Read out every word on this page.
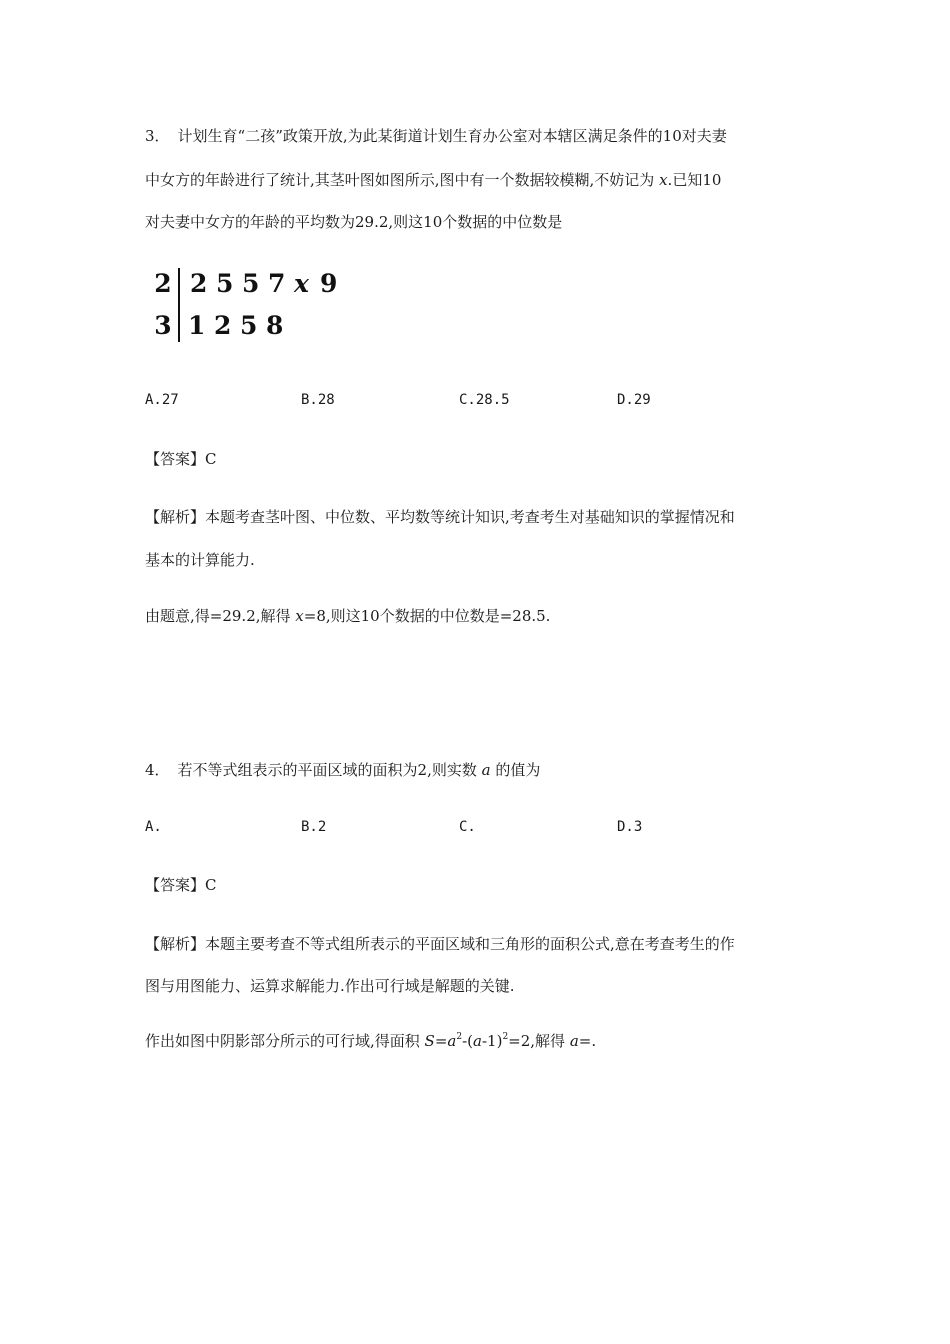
3． 计划生育“二孩”政策开放,为此某街道计划生育办公室对本辖区满足条件的10对夫妻
中女方的年龄进行了统计,其茎叶图如图所示,图中有一个数据较模糊,不妨记为 x.已知10
对夫妻中女方的年龄的平均数为29.2,则这10个数据的中位数是
2 2 5 5 7 x 9
3 1 2 5 8
A.27	B.28	C.28.5	D.29
【答案】C
【解析】本题考查茎叶图、中位数、平均数等统计知识,考查考生对基础知识的掌握情况和
基本的计算能力.
由题意,得=29.2,解得 x=8,则这10个数据的中位数是=28.5.
4． 若不等式组表示的平面区域的面积为2,则实数 a 的值为
A.	B.2	C.	D.3
【答案】C
【解析】本题主要考查不等式组所表示的平面区域和三角形的面积公式,意在考查考生的作
图与用图能力、运算求解能力.作出可行域是解题的关键.
作出如图中阴影部分所示的可行域,得面积 $S=a^2-(a-1)^2=2$,解得 a=.
